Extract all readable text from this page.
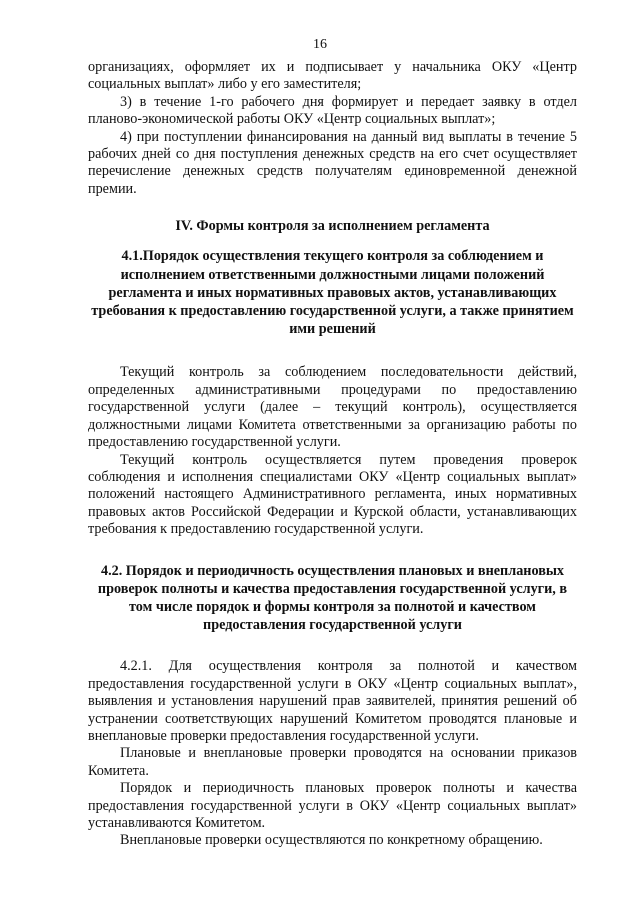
16

организациях, оформляет их и подписывает у начальника ОКУ «Центр социальных выплат» либо у его заместителя;

3) в течение 1-го рабочего дня формирует и передает заявку в отдел планово-экономической работы ОКУ «Центр социальных выплат»;

4) при поступлении финансирования на данный вид выплаты в течение 5 рабочих дней со дня поступления денежных средств на его счет осуществляет перечисление денежных средств получателям единовременной денежной премии.

IV. Формы контроля за исполнением регламента

4.1.Порядок осуществления текущего контроля за соблюдением и исполнением ответственными должностными лицами положений регламента и иных нормативных правовых актов, устанавливающих требования к предоставлению государственной услуги, а также принятием ими решений

Текущий контроль за соблюдением последовательности действий, определенных административными процедурами по предоставлению государственной услуги (далее – текущий контроль), осуществляется должностными лицами Комитета ответственными за организацию работы по предоставлению государственной услуги.

Текущий контроль осуществляется путем проведения проверок соблюдения и исполнения специалистами ОКУ «Центр социальных выплат» положений настоящего Административного регламента, иных нормативных правовых актов Российской Федерации и Курской области, устанавливающих требования к предоставлению государственной услуги.

4.2. Порядок и периодичность осуществления плановых и внеплановых проверок полноты и качества предоставления государственной услуги, в том числе порядок и формы контроля за полнотой и качеством предоставления государственной услуги

4.2.1. Для осуществления контроля за полнотой и качеством предоставления государственной услуги в ОКУ «Центр социальных выплат», выявления и установления нарушений прав заявителей, принятия решений об устранении соответствующих нарушений Комитетом проводятся плановые и внеплановые проверки предоставления государственной услуги.

Плановые и внеплановые проверки проводятся на основании приказов Комитета.

Порядок и периодичность плановых проверок полноты и качества предоставления государственной услуги в ОКУ «Центр социальных выплат» устанавливаются Комитетом.

Внеплановые проверки осуществляются по конкретному обращению.
